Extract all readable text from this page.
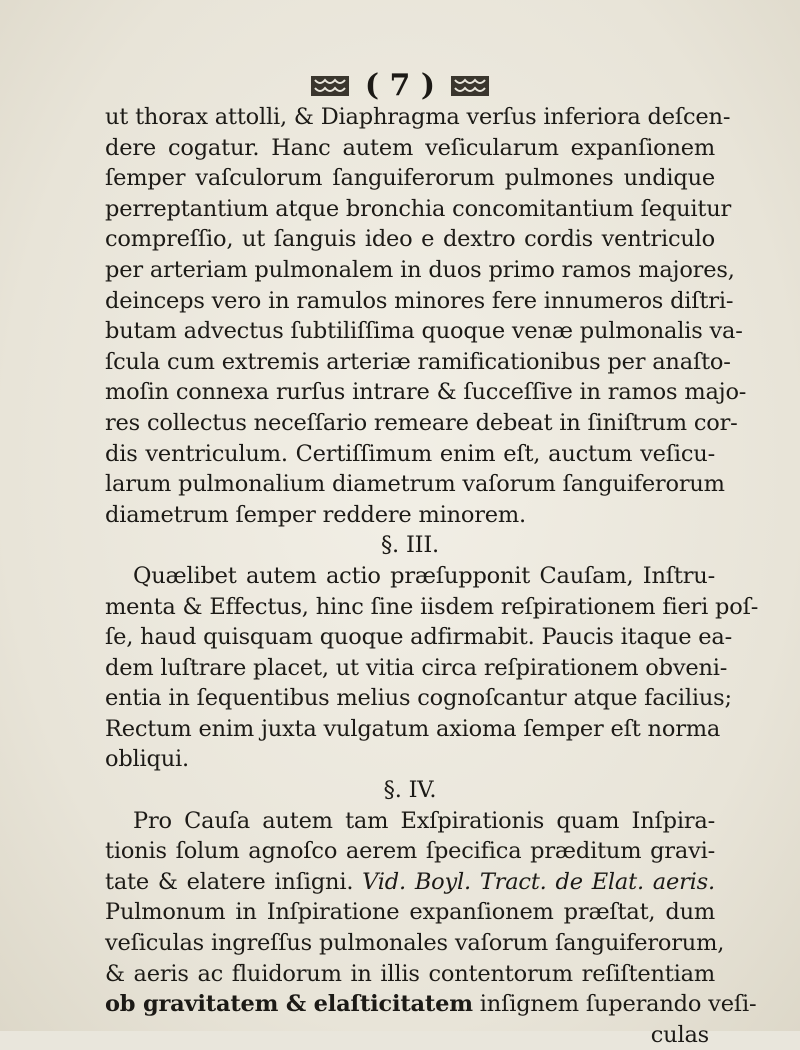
( 7 )
ut thorax attolli, & Diaphragma verſus inferiora deſcen-
dere cogatur. Hanc autem veſicularum expanſionem
ſemper vaſculorum ſanguiferorum pulmones undique
perreptantium atque bronchia concomitantium ſequitur
compreſſio, ut ſanguis ideo e dextro cordis ventriculo
per arteriam pulmonalem in duos primo ramos majores,
deinceps vero in ramulos minores fere innumeros diſtri-
butam advectus ſubtiliſſima quoque venæ pulmonalis va-
ſcula cum extremis arteriæ ramificationibus per anaſto-
moſin connexa rurſus intrare & ſucceſſive in ramos majo-
res collectus neceſſario remeare debeat in ſiniſtrum cor-
dis ventriculum. Certiſſimum enim eſt, auctum veſicu-
larum pulmonalium diametrum vaſorum ſanguiferorum
diametrum ſemper reddere minorem.
§. III.
Quælibet autem actio præſupponit Cauſam, Inſtru-
menta & Effectus, hinc ſine iisdem reſpirationem fieri poſ-
ſe, haud quisquam quoque adfirmabit. Paucis itaque ea-
dem luſtrare placet, ut vitia circa reſpirationem obveni-
entia in ſequentibus melius cognoſcantur atque facilius;
Rectum enim juxta vulgatum axioma ſemper eſt norma
obliqui.
§. IV.
Pro Cauſa autem tam Exſpirationis quam Inſpira-
tionis ſolum agnoſco aerem ſpecifica præditum gravi-
tate & elatere inſigni. Vid. Boyl. Tract. de Elat. aeris.
Pulmonum in Inſpiratione expanſionem præſtat, dum
veſiculas ingreſſus pulmonales vaſorum ſanguiferorum,
& aeris ac fluidorum in illis contentorum reſiſtentiam
ob gravitatem & elaſticitatem inſignem ſuperando veſi-
culas
